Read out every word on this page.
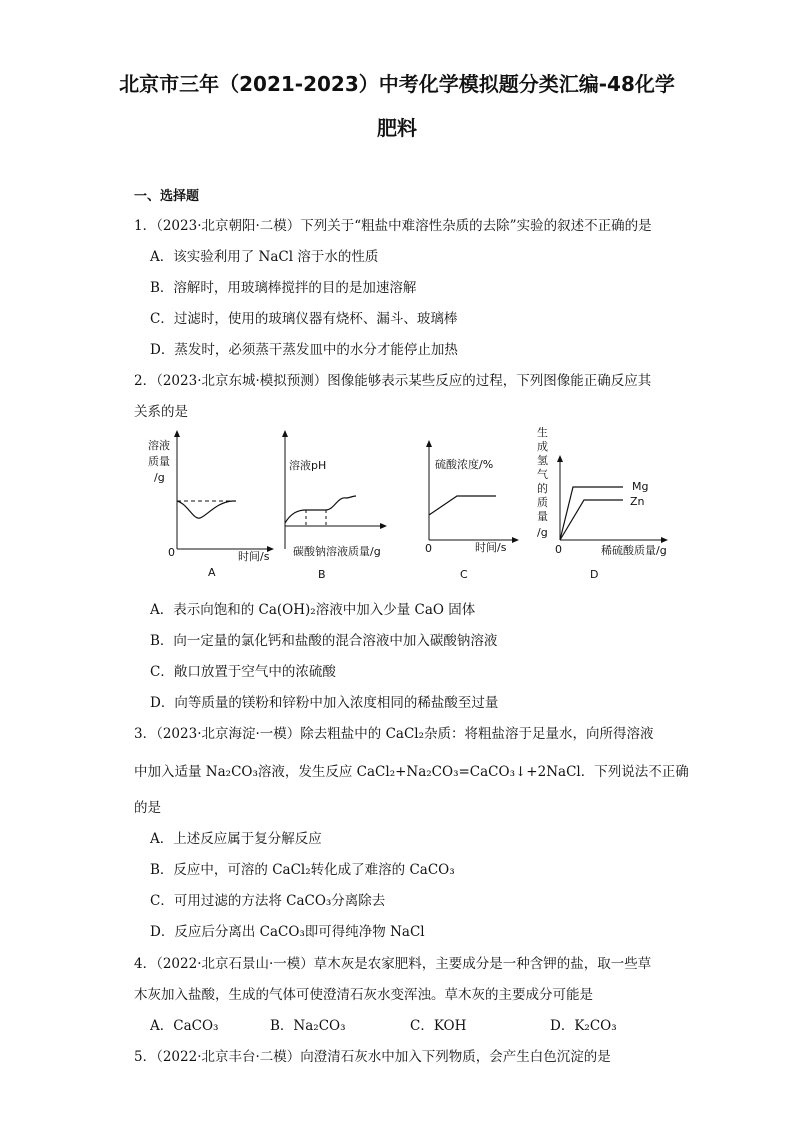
北京市三年（2021-2023）中考化学模拟题分类汇编-48化学
肥料
一、选择题
1．（2023·北京朝阳·二模）下列关于“粗盐中难溶性杂质的去除”实验的叙述不正确的是
A．该实验利用了 NaCl 溶于水的性质
B．溶解时，用玻璃棒搅拌的目的是加速溶解
C．过滤时，使用的玻璃仪器有烧杯、漏斗、玻璃棒
D．蒸发时，必须蒸干蒸发皿中的水分才能停止加热
2．（2023·北京东城·模拟预测）图像能够表示某些反应的过程，下列图像能正确反应其
关系的是
溶液
质量
/g
0	时间/s
A
溶液pH
碳酸钠溶液质量/g
B
硫酸浓度/%
0	时间/s
C
生
成
氢
气
的
质
量
/g
Mg
Zn
0	稀硫酸质量/g
D
A．表示向饱和的 Ca(OH)₂溶液中加入少量 CaO 固体
B．向一定量的氯化钙和盐酸的混合溶液中加入碳酸钠溶液
C．敞口放置于空气中的浓硫酸
D．向等质量的镁粉和锌粉中加入浓度相同的稀盐酸至过量
3．（2023·北京海淀·一模）除去粗盐中的 CaCl₂杂质：将粗盐溶于足量水，向所得溶液
中加入适量 Na₂CO₃溶液，发生反应 CaCl₂+Na₂CO₃=CaCO₃↓+2NaCl．下列说法不正确
的是
A．上述反应属于复分解反应
B．反应中，可溶的 CaCl₂转化成了难溶的 CaCO₃
C．可用过滤的方法将 CaCO₃分离除去
D．反应后分离出 CaCO₃即可得纯净物 NaCl
4．（2022·北京石景山·一模）草木灰是农家肥料，主要成分是一种含钾的盐，取一些草
木灰加入盐酸，生成的气体可使澄清石灰水变浑浊。草木灰的主要成分可能是
A．CaCO₃	B．Na₂CO₃	C．KOH	D．K₂CO₃
5．（2022·北京丰台·二模）向澄清石灰水中加入下列物质，会产生白色沉淀的是
